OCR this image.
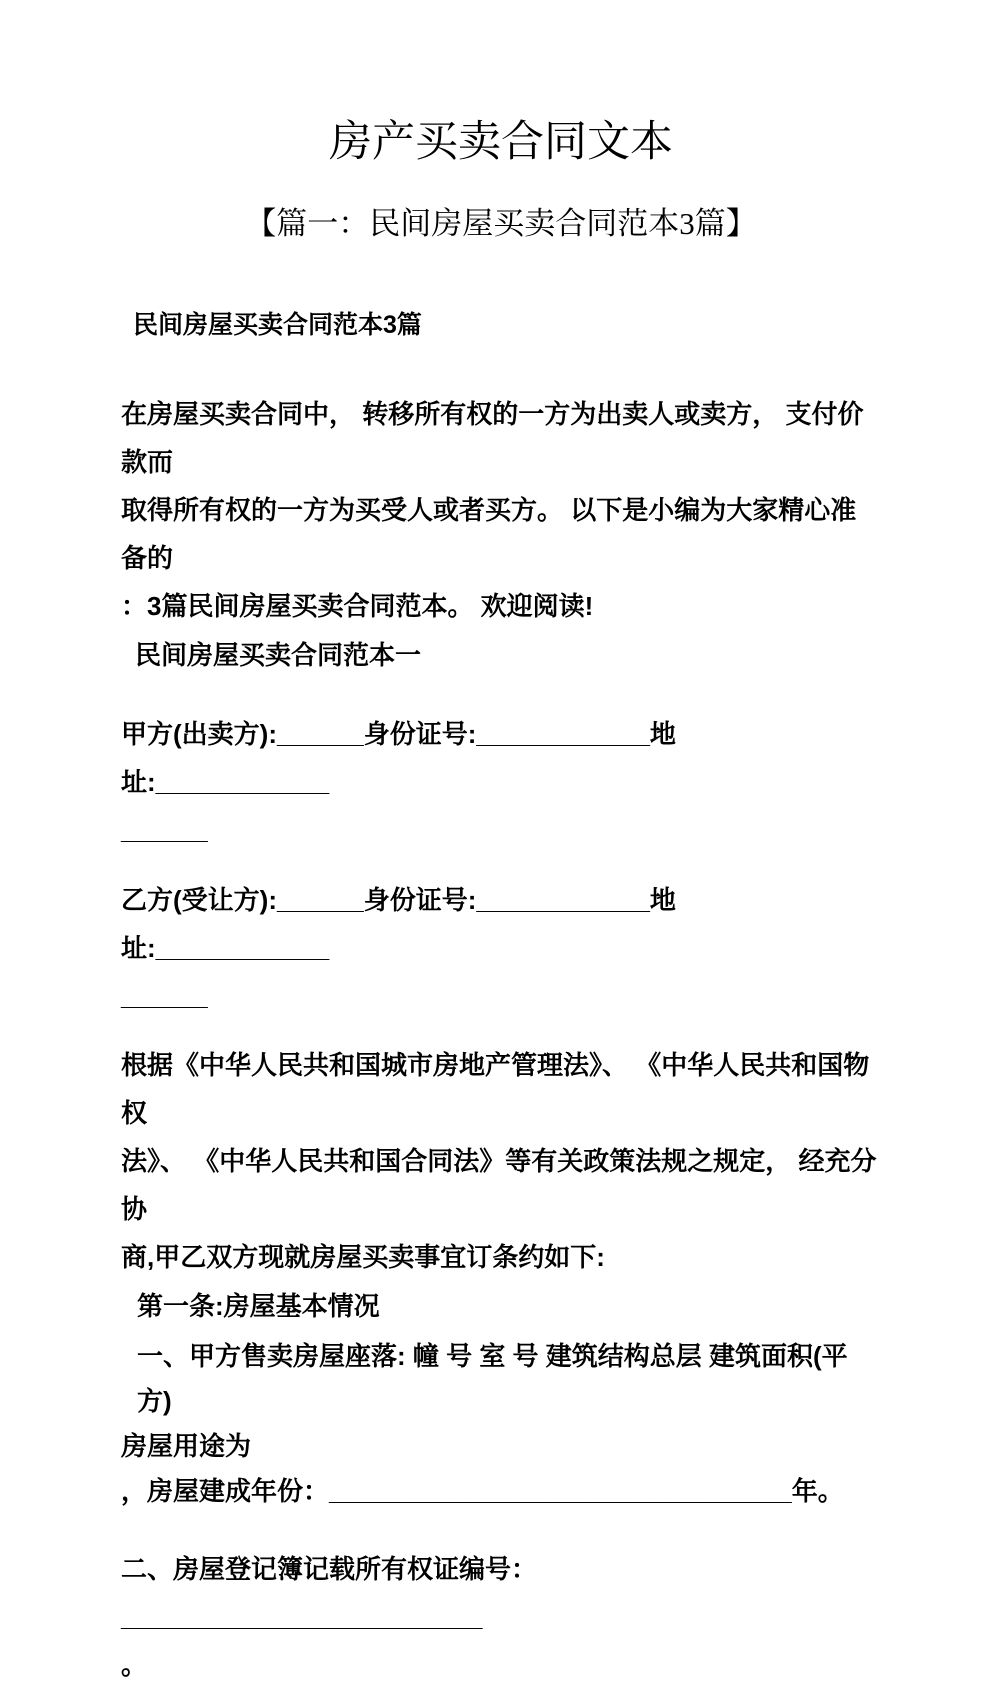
房产买卖合同文本
【篇一：民间房屋买卖合同范本3篇】

民间房屋买卖合同范本3篇

在房屋买卖合同中， 转移所有权的一方为出卖人或卖方， 支付价款而
取得所有权的一方为买受人或者买方。 以下是小编为大家精心准备的
：3篇民间房屋买卖合同范本。 欢迎阅读!

民间房屋买卖合同范本一

甲方(出卖方):______身份证号:____________地址:____________
______
乙方(受让方):______身份证号:____________地址:____________
______
根据《中华人民共和国城市房地产管理法》、 《中华人民共和国物权
法》、 《中华人民共和国合同法》等有关政策法规之规定， 经充分协
商,甲乙双方现就房屋买卖事宜订条约如下:

第一条:房屋基本情况

一、甲方售卖房屋座落: 幢 号 室 号 建筑结构总层 建筑面积(平方)
房屋用途为
，房屋建成年份：________________________________年。
二、房屋登记簿记载所有权证编号：_________________________
。
